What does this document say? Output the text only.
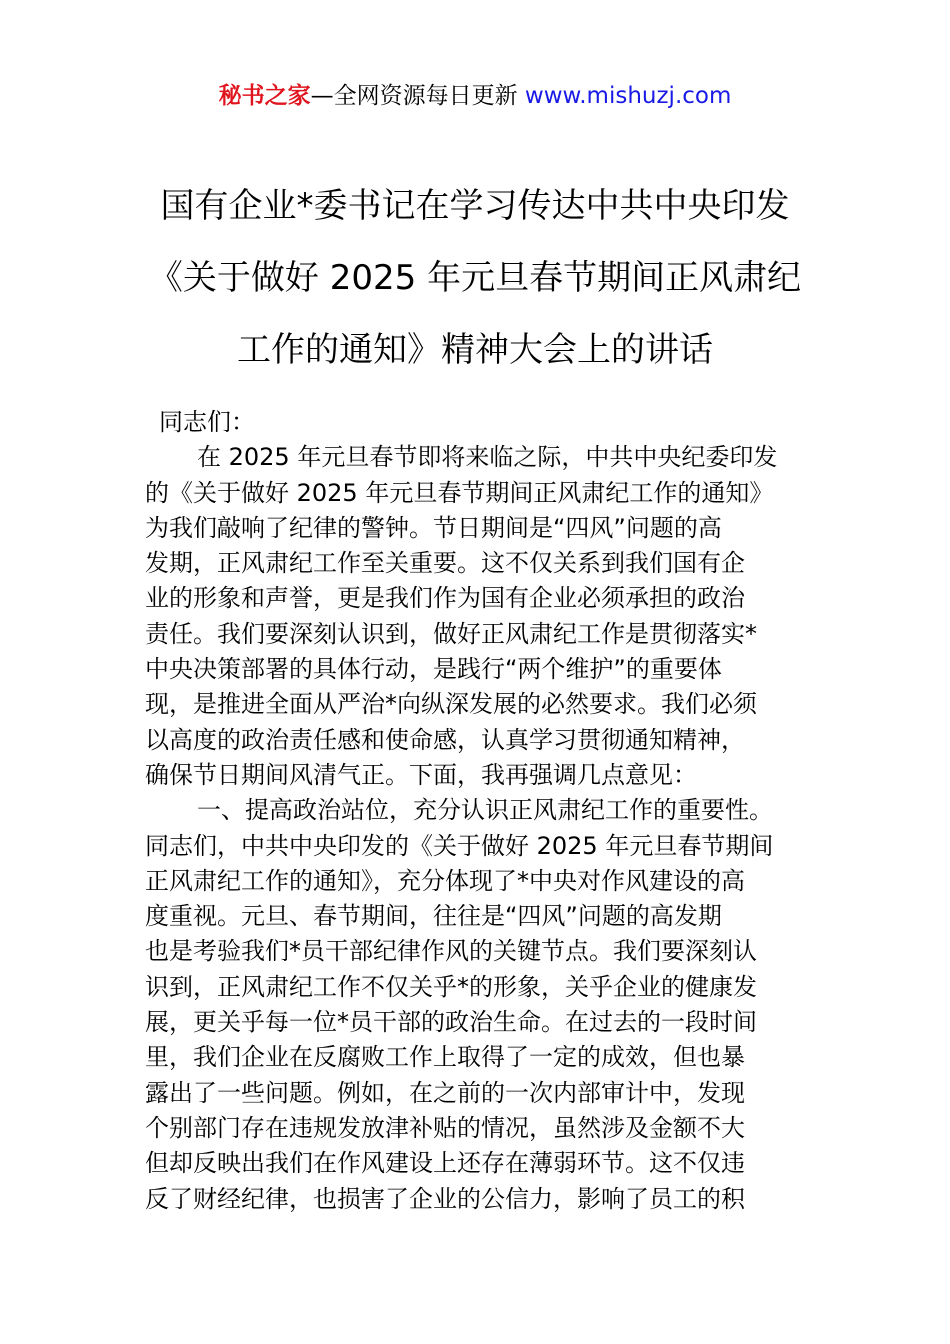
秘书之家—全网资源每日更新 www.mishuzj.com
国有企业*委书记在学习传达中共中央印发
《关于做好 2025 年元旦春节期间正风肃纪
工作的通知》精神大会上的讲话
同志们：
在 2025 年元旦春节即将来临之际，中共中央纪委印发
的《关于做好 2025 年元旦春节期间正风肃纪工作的通知》
为我们敲响了纪律的警钟。节日期间是“四风”问题的高
发期，正风肃纪工作至关重要。这不仅关系到我们国有企
业的形象和声誉，更是我们作为国有企业必须承担的政治
责任。我们要深刻认识到，做好正风肃纪工作是贯彻落实*
中央决策部署的具体行动，是践行“两个维护”的重要体
现，是推进全面从严治*向纵深发展的必然要求。我们必须
以高度的政治责任感和使命感，认真学习贯彻通知精神，
确保节日期间风清气正。下面，我再强调几点意见：
一、提高政治站位，充分认识正风肃纪工作的重要性。
同志们，中共中央印发的《关于做好 2025 年元旦春节期间
正风肃纪工作的通知》，充分体现了*中央对作风建设的高
度重视。元旦、春节期间，往往是“四风”问题的高发期
也是考验我们*员干部纪律作风的关键节点。我们要深刻认
识到，正风肃纪工作不仅关乎*的形象，关乎企业的健康发
展，更关乎每一位*员干部的政治生命。在过去的一段时间
里，我们企业在反腐败工作上取得了一定的成效，但也暴
露出了一些问题。例如，在之前的一次内部审计中，发现
个别部门存在违规发放津补贴的情况，虽然涉及金额不大
但却反映出我们在作风建设上还存在薄弱环节。这不仅违
反了财经纪律，也损害了企业的公信力，影响了员工的积
